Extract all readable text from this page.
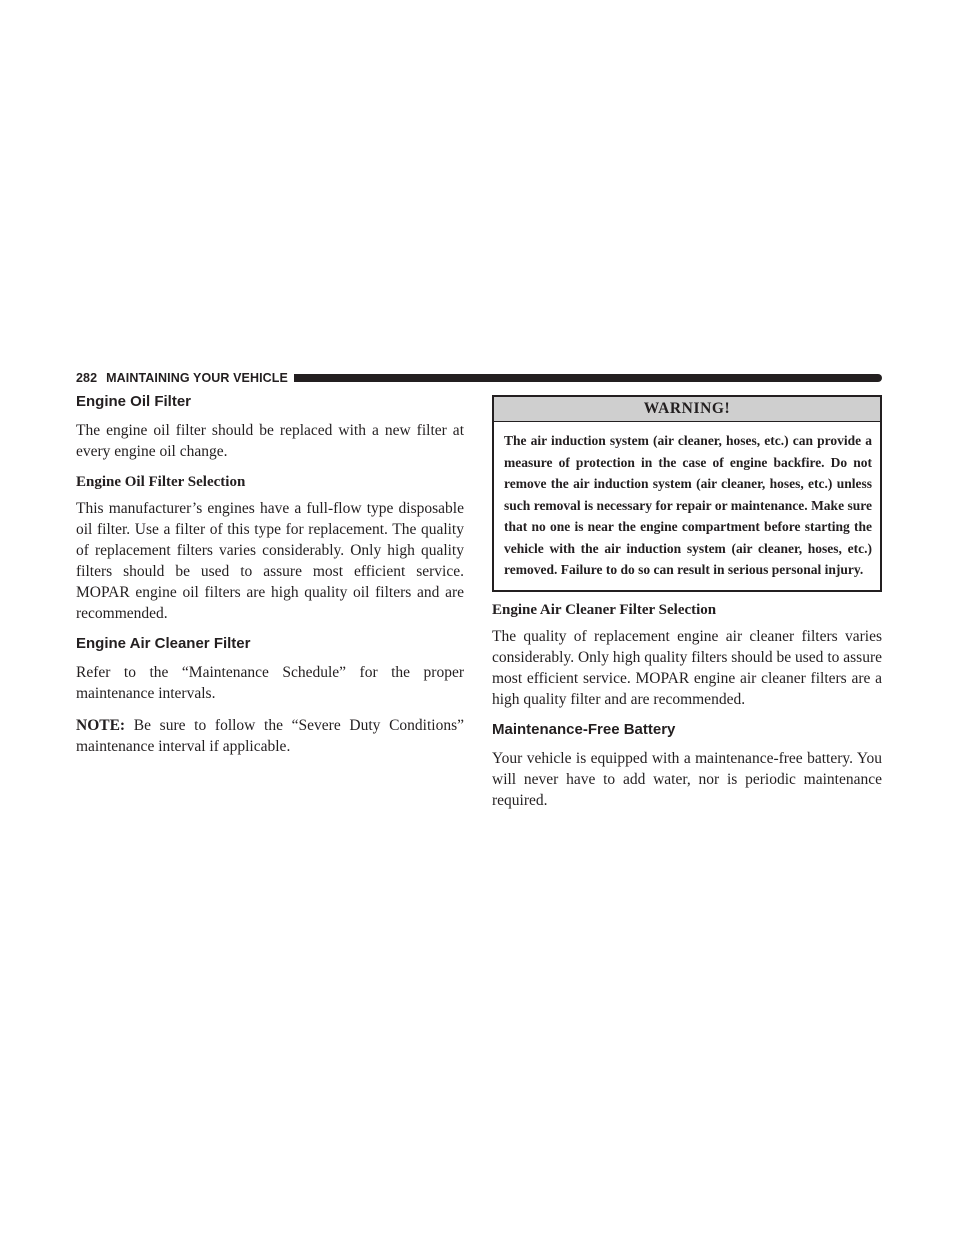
282 MAINTAINING YOUR VEHICLE
Engine Oil Filter

The engine oil filter should be replaced with a new filter at every engine oil change.

Engine Oil Filter Selection

This manufacturer’s engines have a full-flow type disposable oil filter. Use a filter of this type for replacement. The quality of replacement filters varies considerably. Only high quality filters should be used to assure most efficient service. MOPAR engine oil filters are high quality oil filters and are recommended.

Engine Air Cleaner Filter

Refer to the “Maintenance Schedule” for the proper maintenance intervals.

NOTE: Be sure to follow the “Severe Duty Conditions” maintenance interval if applicable.

WARNING!
The air induction system (air cleaner, hoses, etc.) can provide a measure of protection in the case of engine backfire. Do not remove the air induction system (air cleaner, hoses, etc.) unless such removal is necessary for repair or maintenance. Make sure that no one is near the engine compartment before starting the vehicle with the air induction system (air cleaner, hoses, etc.) removed. Failure to do so can result in serious personal injury.
Engine Air Cleaner Filter Selection

The quality of replacement engine air cleaner filters varies considerably. Only high quality filters should be used to assure most efficient service. MOPAR engine air cleaner filters are a high quality filter and are recommended.

Maintenance-Free Battery

Your vehicle is equipped with a maintenance-free battery. You will never have to add water, nor is periodic maintenance required.
